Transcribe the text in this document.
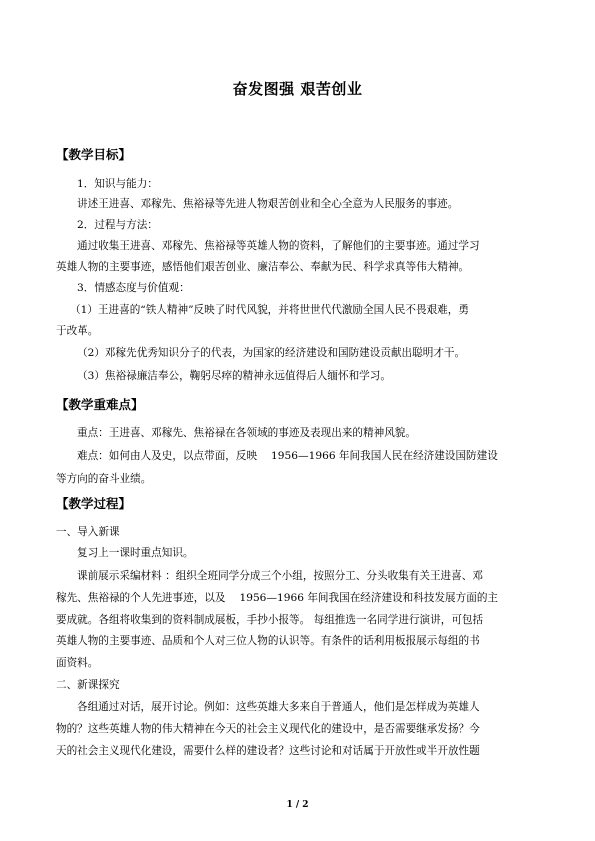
奋发图强 艰苦创业
【教学目标】
1．知识与能力：
讲述王进喜、邓稼先、焦裕禄等先进人物艰苦创业和全心全意为人民服务的事迹。
2．过程与方法：
通过收集王进喜、邓稼先、焦裕禄等英雄人物的资料，了解他们的主要事迹。通过学习
英雄人物的主要事迹，感悟他们艰苦创业、廉洁奉公、奉献为民、科学求真等伟大精神。
3．情感态度与价值观：
（1）王进喜的“铁人精神”反映了时代风貌，并将世世代代激励全国人民不畏艰难，勇
于改革。
（2）邓稼先优秀知识分子的代表，为国家的经济建设和国防建设贡献出聪明才干。
（3）焦裕禄廉洁奉公，鞠躬尽瘁的精神永远值得后人缅怀和学习。
【教学重难点】
重点：王进喜、邓稼先、焦裕禄在各领域的事迹及表现出来的精神风貌。
难点：如何由人及史，以点带面，反映　 1956—1966 年间我国人民在经济建设国防建设
等方向的奋斗业绩。
【教学过程】
一、导入新课
复习上一课时重点知识。
课前展示采编材料 ：组织全班同学分成三个小组，按照分工、分头收集有关王进喜、邓
稼先、焦裕禄的个人先进事迹，以及　 1956—1966 年间我国在经济建设和科技发展方面的主
要成就。各组将收集到的资料制成展板，手抄小报等。 每组推选一名同学进行演讲，可包括
英雄人物的主要事迹、品质和个人对三位人物的认识等。有条件的话利用板报展示每组的书
面资料。
二、新课探究
各组通过对话，展开讨论。例如：这些英雄大多来自于普通人，他们是怎样成为英雄人
物的？这些英雄人物的伟大精神在今天的社会主义现代化的建设中，是否需要继承发扬？今
天的社会主义现代化建设，需要什么样的建设者？这些讨论和对话属于开放性或半开放性题
1 / 2
